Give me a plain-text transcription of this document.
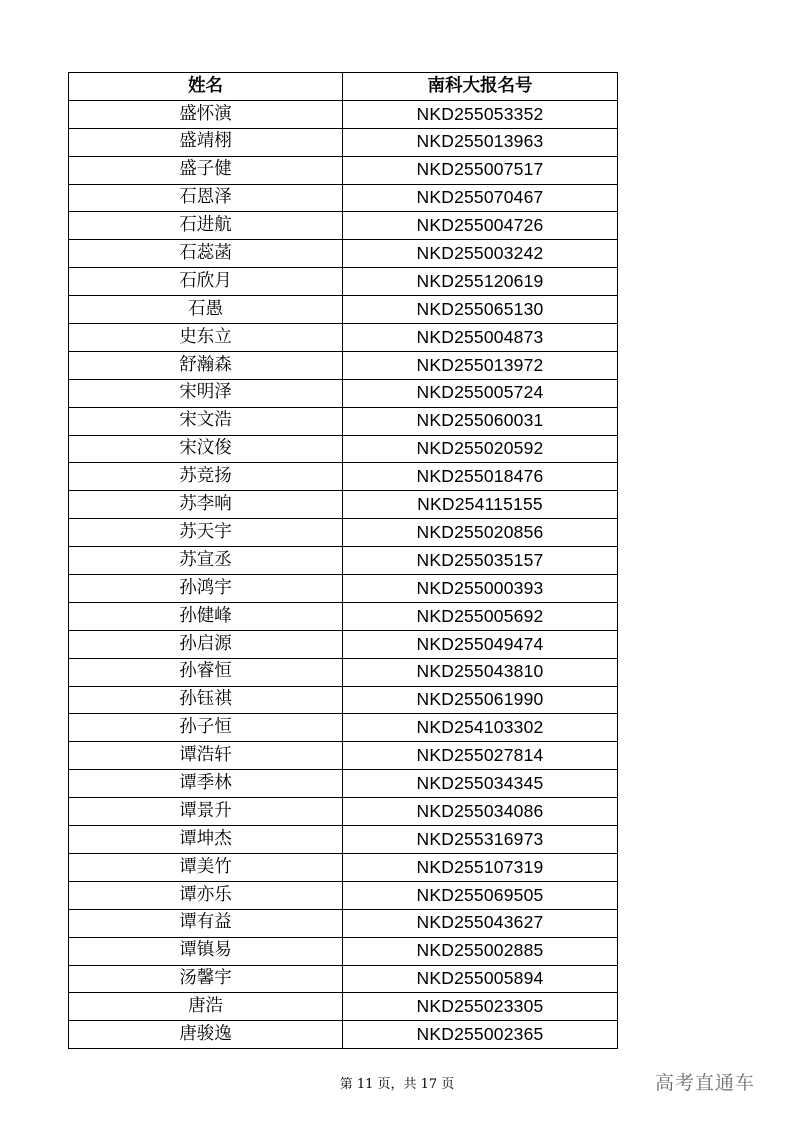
姓名	南科大报名号
盛怀演	NKD255053352
盛靖栩	NKD255013963
盛子健	NKD255007517
石恩泽	NKD255070467
石进航	NKD255004726
石蕊菡	NKD255003242
石欣月	NKD255120619
石愚	NKD255065130
史东立	NKD255004873
舒瀚森	NKD255013972
宋明泽	NKD255005724
宋文浩	NKD255060031
宋汶俊	NKD255020592
苏竞扬	NKD255018476
苏李响	NKD254115155
苏天宇	NKD255020856
苏宣丞	NKD255035157
孙鸿宇	NKD255000393
孙健峰	NKD255005692
孙启源	NKD255049474
孙睿恒	NKD255043810
孙钰祺	NKD255061990
孙子恒	NKD254103302
谭浩轩	NKD255027814
谭季林	NKD255034345
谭景升	NKD255034086
谭坤杰	NKD255316973
谭美竹	NKD255107319
谭亦乐	NKD255069505
谭有益	NKD255043627
谭镇易	NKD255002885
汤馨宇	NKD255005894
唐浩	NKD255023305
唐骏逸	NKD255002365
第 11 页，共 17 页	高考直通车
